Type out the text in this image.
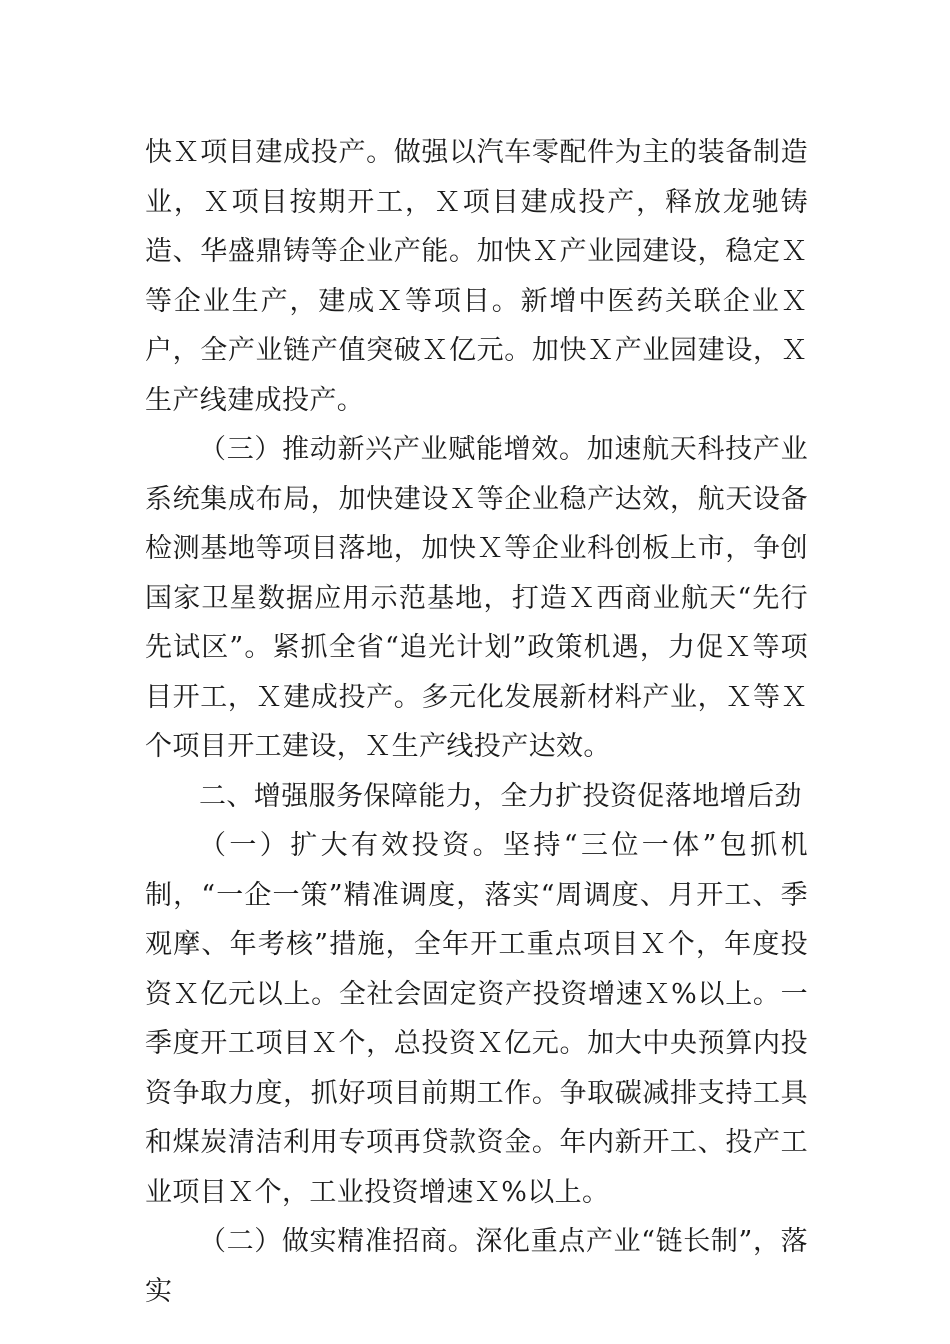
快Ｘ项目建成投产。做强以汽车零配件为主的装备制造业，Ｘ项目按期开工，Ｘ项目建成投产，释放龙驰铸造、华盛鼎铸等企业产能。加快Ｘ产业园建设，稳定Ｘ等企业生产，建成Ｘ等项目。新增中医药关联企业Ｘ户，全产业链产值突破Ｘ亿元。加快Ｘ产业园建设，Ｘ生产线建成投产。

（三）推动新兴产业赋能增效。加速航天科技产业系统集成布局，加快建设Ｘ等企业稳产达效，航天设备检测基地等项目落地，加快Ｘ等企业科创板上市，争创国家卫星数据应用示范基地，打造Ｘ西商业航天“先行先试区”。紧抓全省“追光计划”政策机遇，力促Ｘ等项目开工，Ｘ建成投产。多元化发展新材料产业，Ｘ等Ｘ个项目开工建设，Ｘ生产线投产达效。

二、增强服务保障能力，全力扩投资促落地增后劲

（一）扩大有效投资。坚持“三位一体”包抓机制，“一企一策”精准调度，落实“周调度、月开工、季观摩、年考核”措施，全年开工重点项目Ｘ个，年度投资Ｘ亿元以上。全社会固定资产投资增速Ｘ%以上。一季度开工项目Ｘ个，总投资Ｘ亿元。加大中央预算内投资争取力度，抓好项目前期工作。争取碳减排支持工具和煤炭清洁利用专项再贷款资金。年内新开工、投产工业项目Ｘ个，工业投资增速Ｘ%以上。

（二）做实精准招商。深化重点产业“链长制”，落实
